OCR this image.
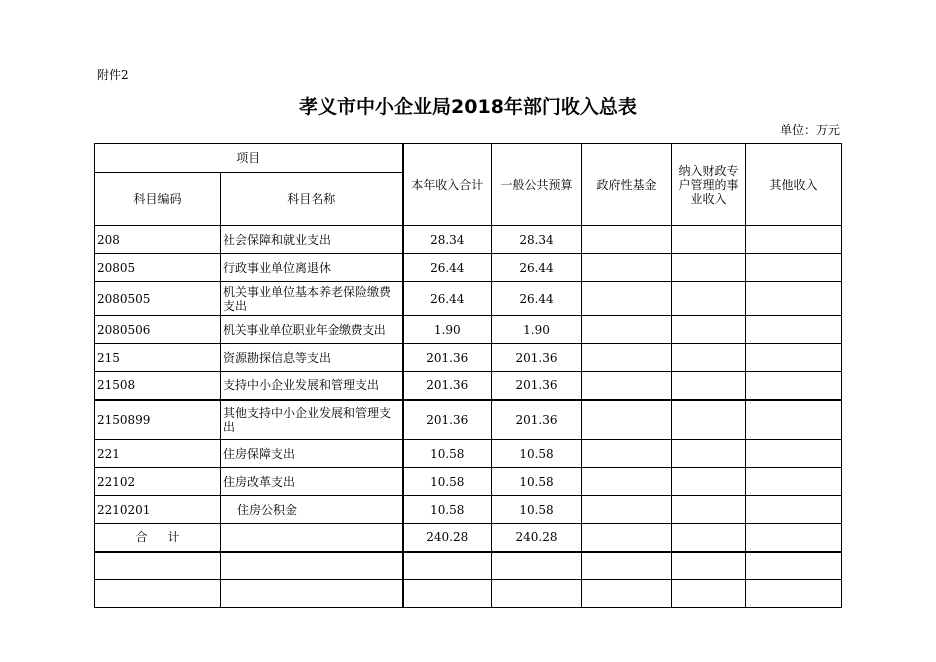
附件2
孝义市中小企业局2018年部门收入总表
单位：万元
项目		本年收入合计	一般公共预算	政府性基金	纳入财政专户管理的事业收入	其他收入
科目编码	科目名称					
208	社会保障和就业支出	28.34	28.34			
20805	行政事业单位离退休	26.44	26.44			
2080505	机关事业单位基本养老保险缴费支出	26.44	26.44			
2080506	机关事业单位职业年金缴费支出	1.90	1.90			
215	资源勘探信息等支出	201.36	201.36			
21508	支持中小企业发展和管理支出	201.36	201.36			
2150899	其他支持中小企业发展和管理支出	201.36	201.36			
221	住房保障支出	10.58	10.58			
22102	住房改革支出	10.58	10.58			
2210201	住房公积金	10.58	10.58			
合计		240.28	240.28			
